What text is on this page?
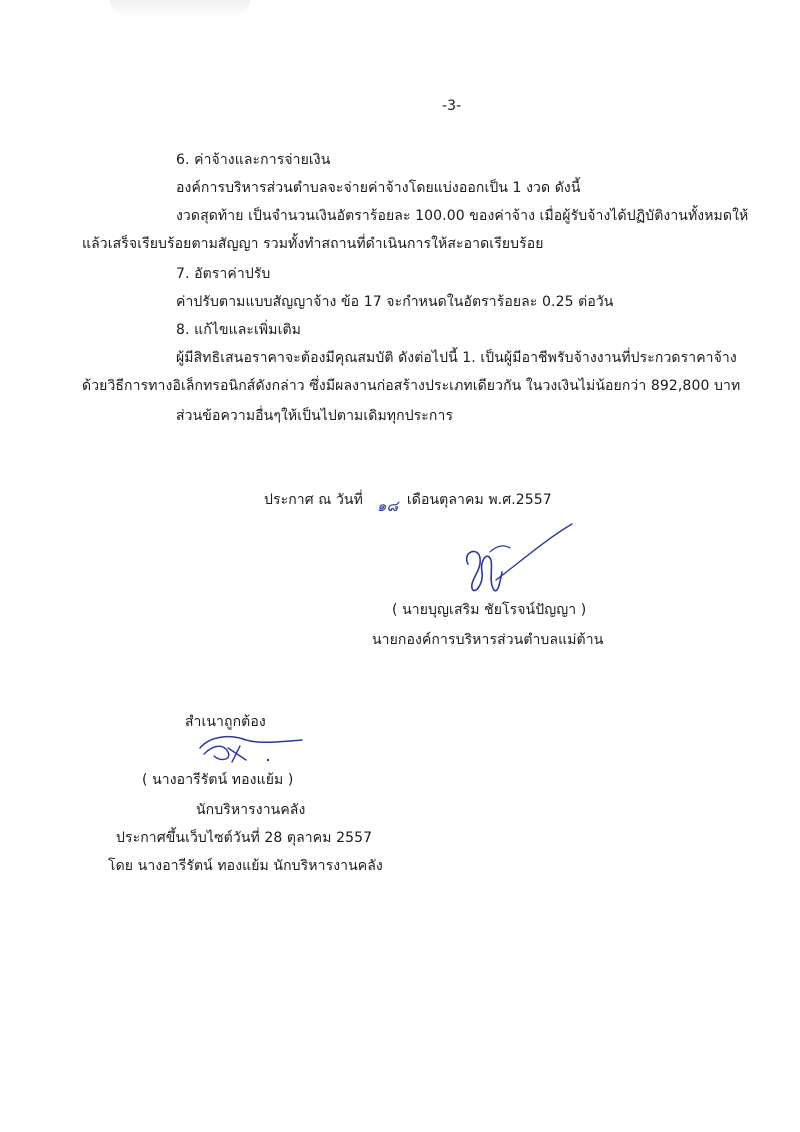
-3-
6. ค่าจ้างและการจ่ายเงิน
องค์การบริหารส่วนตำบลจะจ่ายค่าจ้างโดยแบ่งออกเป็น 1 งวด ดังนี้
งวดสุดท้าย เป็นจำนวนเงินอัตราร้อยละ 100.00 ของค่าจ้าง เมื่อผู้รับจ้างได้ปฏิบัติงานทั้งหมดให้
แล้วเสร็จเรียบร้อยตามสัญญา รวมทั้งทำสถานที่ดำเนินการให้สะอาดเรียบร้อย
7. อัตราค่าปรับ
ค่าปรับตามแบบสัญญาจ้าง ข้อ 17 จะกำหนดในอัตราร้อยละ 0.25 ต่อวัน
8. แก้ไขและเพิ่มเติม
ผู้มีสิทธิเสนอราคาจะต้องมีคุณสมบัติ ดังต่อไปนี้ 1. เป็นผู้มีอาชีพรับจ้างงานที่ประกวดราคาจ้าง
ด้วยวิธีการทางอิเล็กทรอนิกส์ดังกล่าว ซึ่งมีผลงานก่อสร้างประเภทเดียวกัน ในวงเงินไม่น้อยกว่า 892,800 บาท
ส่วนข้อความอื่นๆให้เป็นไปตามเดิมทุกประการ
ประกาศ ณ วันที่ ๑๘ เดือนตุลาคม พ.ศ.2557
( นายบุญเสริม ชัยโรจน์ปัญญา )
นายกองค์การบริหารส่วนตำบลแม่ต้าน
สำเนาถูกต้อง
( นางอารีรัตน์ ทองแย้ม )
นักบริหารงานคลัง
ประกาศขึ้นเว็บไซต์วันที่ 28 ตุลาคม 2557
โดย นางอารีรัตน์ ทองแย้ม นักบริหารงานคลัง
